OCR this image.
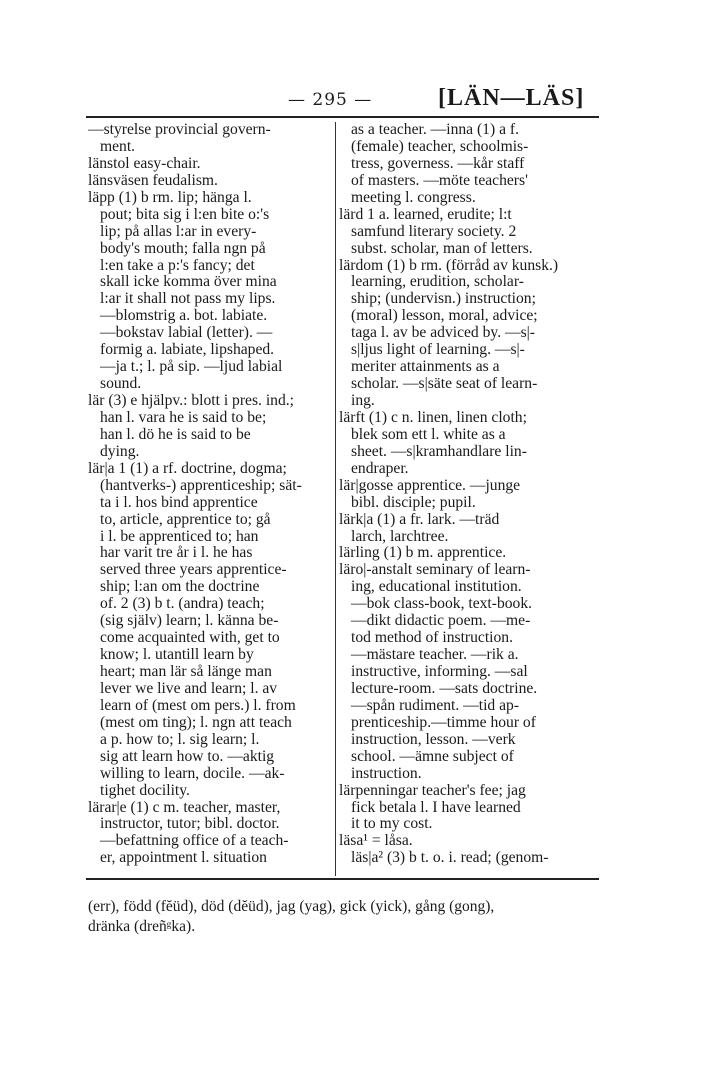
— 295 —	[LÄN—LÄS]
—styrelse provincial govern-
ment.
länstol easy-chair.
länsväsen feudalism.
läpp (1) b rm. lip; hänga l.
pout; bita sig i l:en bite o:'s
lip; på allas l:ar in every-
body's mouth; falla ngn på
l:en take a p:'s fancy; det
skall icke komma över mina
l:ar it shall not pass my lips.
—blomstrig a. bot. labiate.
—bokstav labial (letter). —
formig a. labiate, lipshaped.
—ja t.; l. på sip. —ljud labial
sound.
lär (3) e hjälpv.: blott i pres. ind.;
han l. vara he is said to be;
han l. dö he is said to be
dying.
lär|a 1 (1) a rf. doctrine, dogma;
(hantverks-) apprenticeship; sät-
ta i l. hos bind apprentice
to, article, apprentice to; gå
i l. be apprenticed to; han
har varit tre år i l. he has
served three years apprentice-
ship; l:an om the doctrine
of. 2 (3) b t. (andra) teach;
(sig själv) learn; l. känna be-
come acquainted with, get to
know; l. utantill learn by
heart; man lär så länge man
lever we live and learn; l. av
learn of (mest om pers.) l. from
(mest om ting); l. ngn att teach
a p. how to; l. sig learn; l.
sig att learn how to. —aktig
willing to learn, docile. —ak-
tighet docility.
lärar|e (1) c m. teacher, master,
instructor, tutor; bibl. doctor.
—befattning office of a teach-
er, appointment l. situation
as a teacher. —inna (1) a f.
(female) teacher, schoolmis-
tress, governess. —kår staff
of masters. —möte teachers'
meeting l. congress.
lärd 1 a. learned, erudite; l:t
samfund literary society. 2
subst. scholar, man of letters.
lärdom (1) b rm. (förråd av kunsk.)
learning, erudition, scholar-
ship; (undervisn.) instruction;
(moral) lesson, moral, advice;
taga l. av be adviced by. —s|-
s|ljus light of learning. —s|-
meriter attainments as a
scholar. —s|säte seat of learn-
ing.
lärft (1) c n. linen, linen cloth;
blek som ett l. white as a
sheet. —s|kramhandlare lin-
endraper.
lär|gosse apprentice. —junge
bibl. disciple; pupil.
lärk|a (1) a fr. lark. —träd
larch, larchtree.
lärling (1) b m. apprentice.
läro|-anstalt seminary of learn-
ing, educational institution.
—bok class-book, text-book.
—dikt didactic poem. —me-
tod method of instruction.
—mästare teacher. —rik a.
instructive, informing. —sal
lecture-room. —sats doctrine.
—spån rudiment. —tid ap-
prenticeship.—timme hour of
instruction, lesson. —verk
school. —ämne subject of
instruction.
lärpenningar teacher's fee; jag
fick betala l. I have learned
it to my cost.
läsa¹ = låsa.
läs|a² (3) b t. o. i. read; (genom-
(err), född (fĕüd), död (dĕüd), jag (yag), gick (yick), gång (gong),
dränka (dreñᵍka).
